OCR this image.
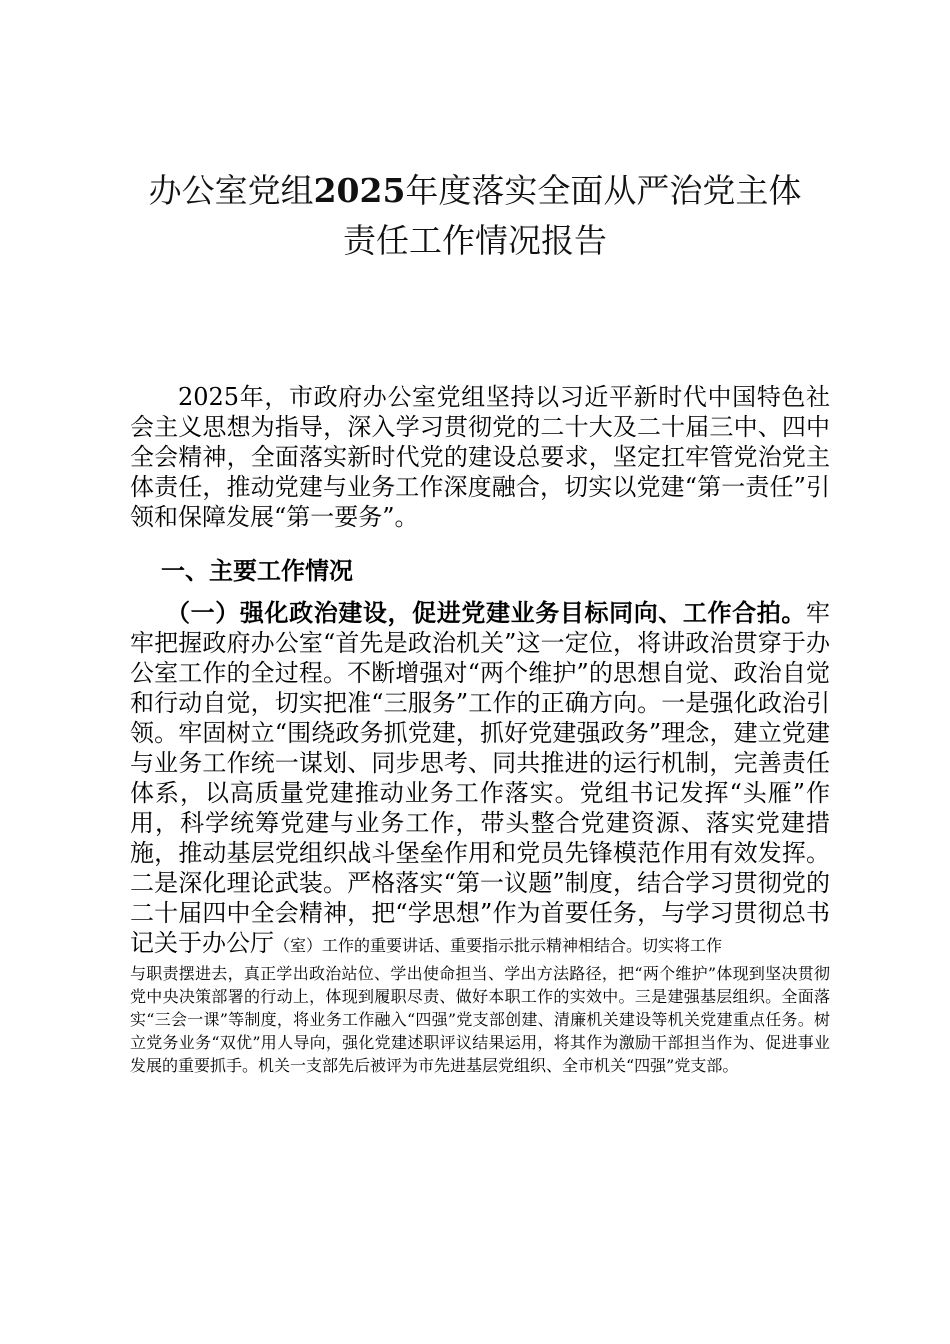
办公室党组2025年度落实全面从严治党主体
责任工作情况报告
2025年，市政府办公室党组坚持以习近平新时代中国特色社会主义思想为指导，深入学习贯彻党的二十大及二十届三中、四中全会精神，全面落实新时代党的建设总要求，坚定扛牢管党治党主体责任，推动党建与业务工作深度融合，切实以党建“第一责任”引领和保障发展“第一要务”。
一、主要工作情况
（一）强化政治建设，促进党建业务目标同向、工作合拍。牢牢把握政府办公室“首先是政治机关”这一定位，将讲政治贯穿于办公室工作的全过程。不断增强对“两个维护”的思想自觉、政治自觉和行动自觉，切实把准“三服务”工作的正确方向。一是强化政治引领。牢固树立“围绕政务抓党建，抓好党建强政务”理念，建立党建与业务工作统一谋划、同步思考、同共推进的运行机制，完善责任体系，以高质量党建推动业务工作落实。党组书记发挥“头雁”作用，科学统筹党建与业务工作，带头整合党建资源、落实党建措施，推动基层党组织战斗堡垒作用和党员先锋模范作用有效发挥。二是深化理论武装。严格落实“第一议题”制度，结合学习贯彻党的二十届四中全会精神，把“学思想”作为首要任务，与学习贯彻总书记关于办公厅（室）工作的重要讲话、重要指示批示精神相结合。切实将工作
与职责摆进去，真正学出政治站位、学出使命担当、学出方法路径，把“两个维护”体现到坚决贯彻党中央决策部署的行动上，体现到履职尽责、做好本职工作的实效中。三是建强基层组织。全面落实“三会一课”等制度，将业务工作融入“四强”党支部创建、清廉机关建设等机关党建重点任务。树立党务业务“双优”用人导向，强化党建述职评议结果运用，将其作为激励干部担当作为、促进事业发展的重要抓手。机关一支部先后被评为市先进基层党组织、全市机关“四强”党支部。
